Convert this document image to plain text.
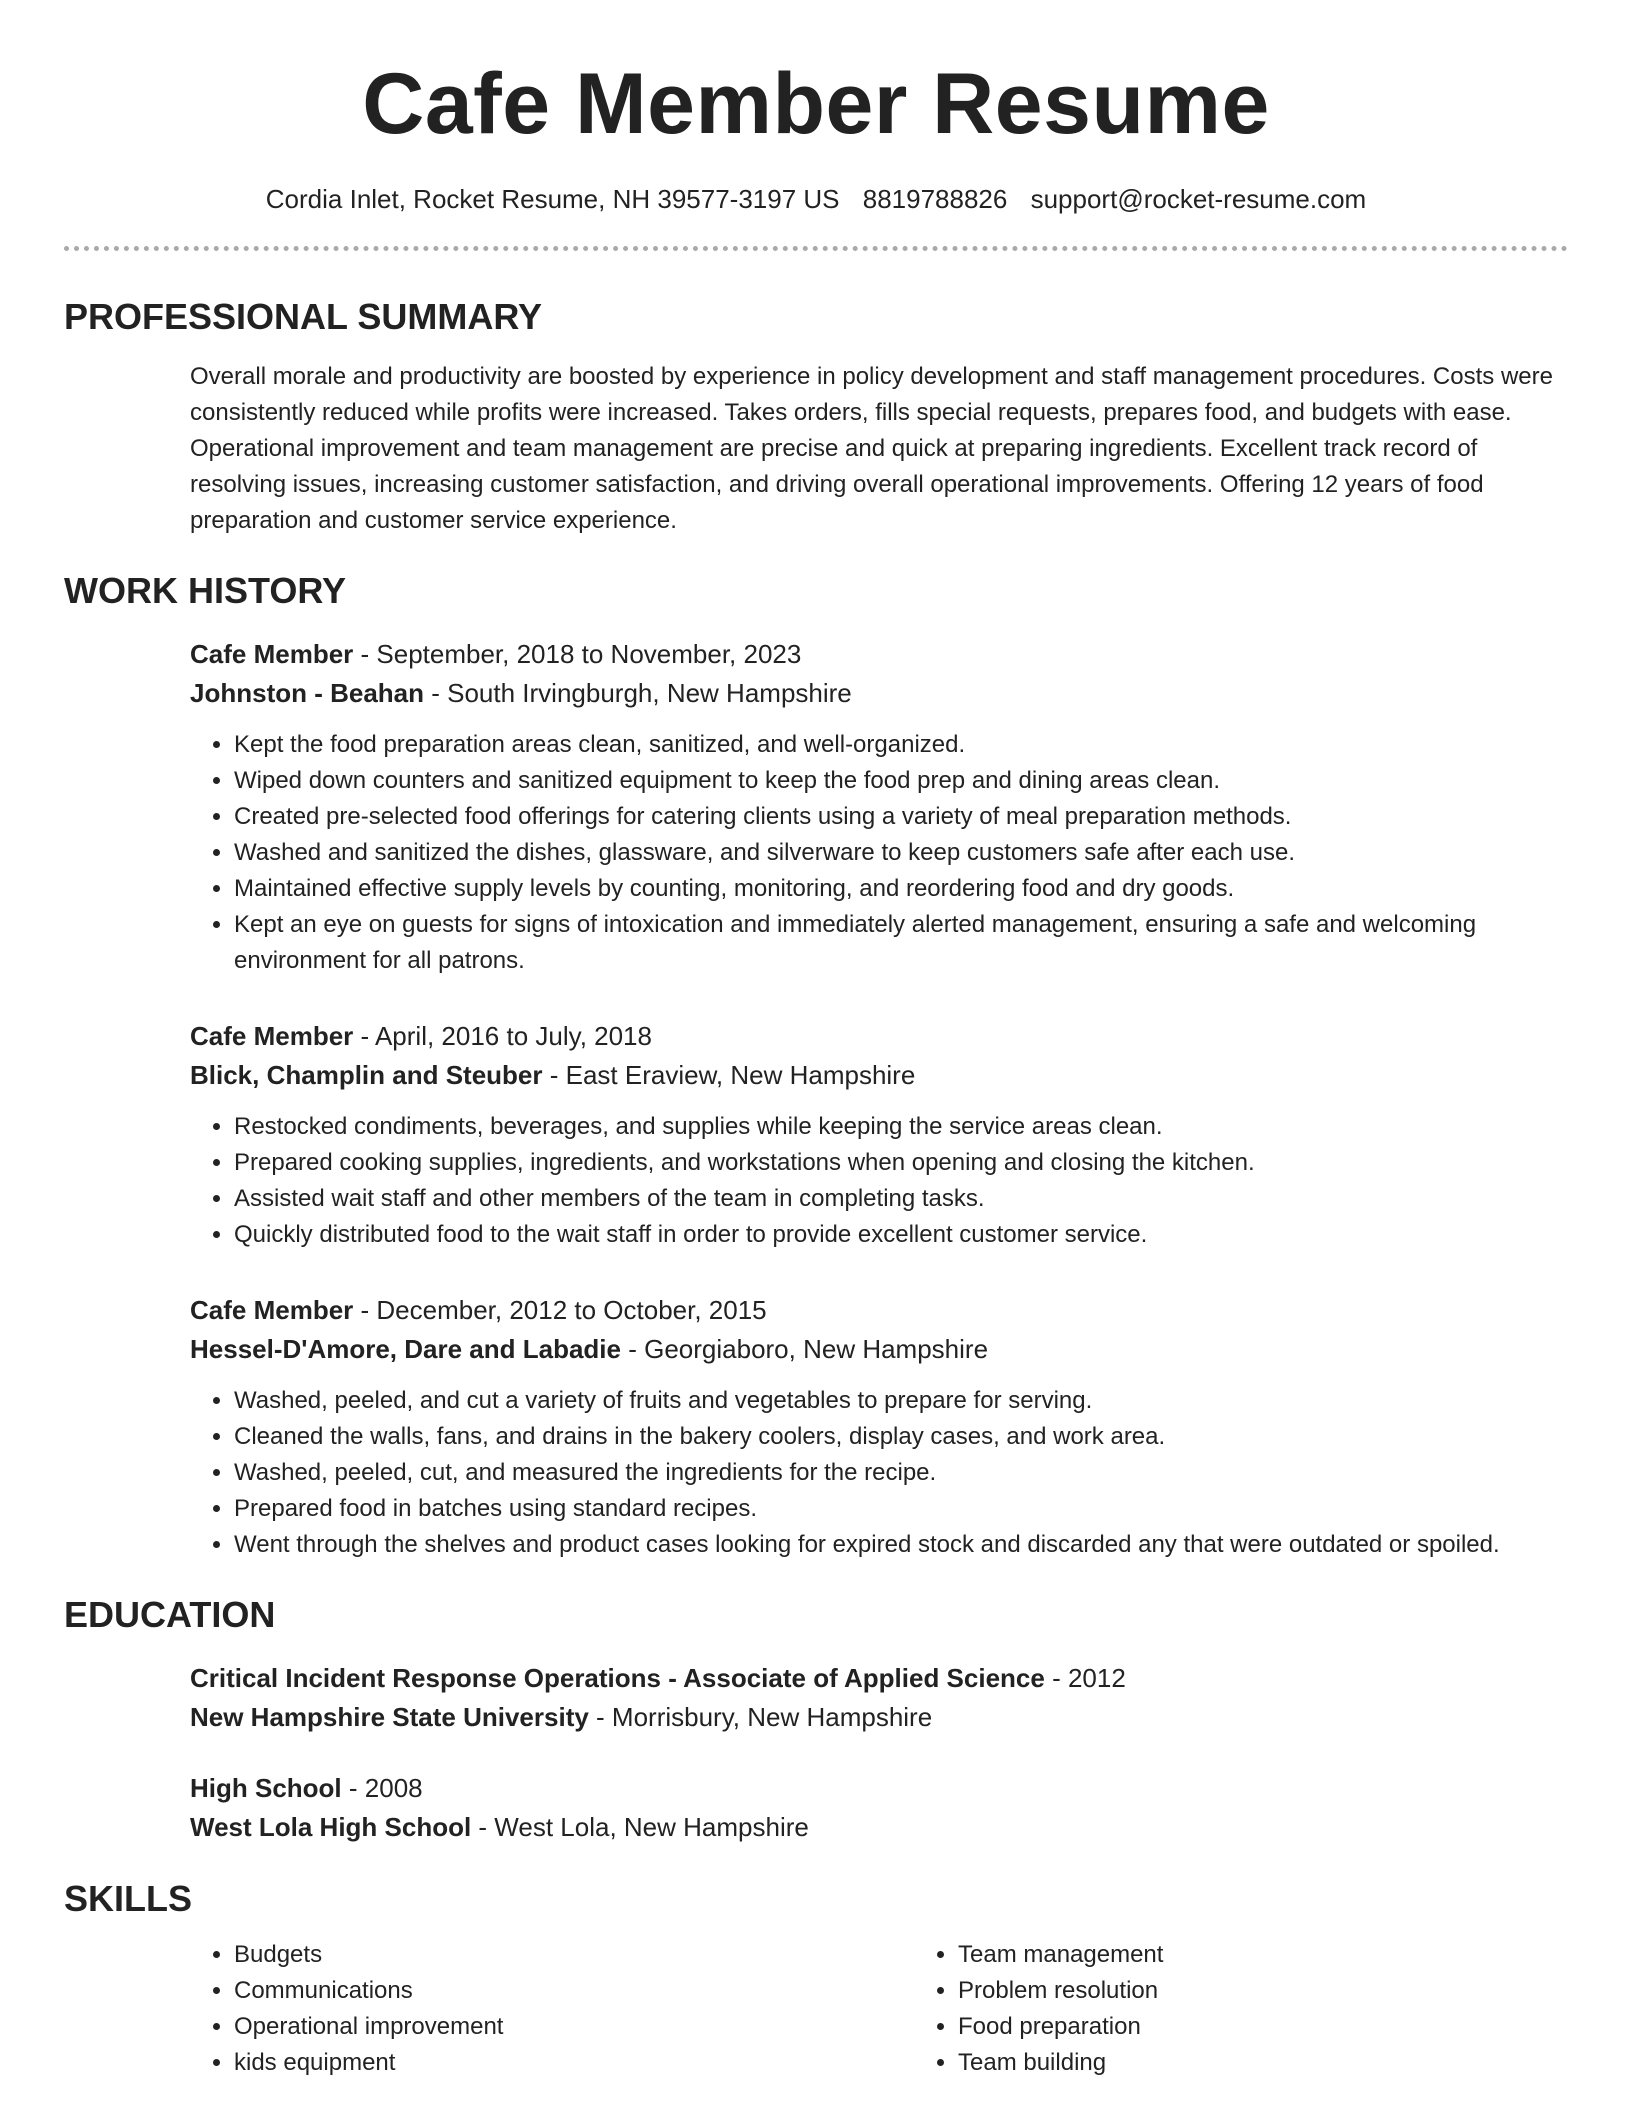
Cafe Member Resume
Cordia Inlet, Rocket Resume, NH 39577-3197 US 8819788826 support@rocket-resume.com
PROFESSIONAL SUMMARY
Overall morale and productivity are boosted by experience in policy development and staff management procedures. Costs were consistently reduced while profits were increased. Takes orders, fills special requests, prepares food, and budgets with ease. Operational improvement and team management are precise and quick at preparing ingredients. Excellent track record of resolving issues, increasing customer satisfaction, and driving overall operational improvements. Offering 12 years of food preparation and customer service experience.
WORK HISTORY
Cafe Member - September, 2018 to November, 2023
Johnston - Beahan - South Irvingburgh, New Hampshire
• Kept the food preparation areas clean, sanitized, and well-organized.
• Wiped down counters and sanitized equipment to keep the food prep and dining areas clean.
• Created pre-selected food offerings for catering clients using a variety of meal preparation methods.
• Washed and sanitized the dishes, glassware, and silverware to keep customers safe after each use.
• Maintained effective supply levels by counting, monitoring, and reordering food and dry goods.
• Kept an eye on guests for signs of intoxication and immediately alerted management, ensuring a safe and welcoming environment for all patrons.
Cafe Member - April, 2016 to July, 2018
Blick, Champlin and Steuber - East Eraview, New Hampshire
• Restocked condiments, beverages, and supplies while keeping the service areas clean.
• Prepared cooking supplies, ingredients, and workstations when opening and closing the kitchen.
• Assisted wait staff and other members of the team in completing tasks.
• Quickly distributed food to the wait staff in order to provide excellent customer service.
Cafe Member - December, 2012 to October, 2015
Hessel-D'Amore, Dare and Labadie - Georgiaboro, New Hampshire
• Washed, peeled, and cut a variety of fruits and vegetables to prepare for serving.
• Cleaned the walls, fans, and drains in the bakery coolers, display cases, and work area.
• Washed, peeled, cut, and measured the ingredients for the recipe.
• Prepared food in batches using standard recipes.
• Went through the shelves and product cases looking for expired stock and discarded any that were outdated or spoiled.
EDUCATION
Critical Incident Response Operations - Associate of Applied Science - 2012
New Hampshire State University - Morrisbury, New Hampshire
High School - 2008
West Lola High School - West Lola, New Hampshire
SKILLS
• Budgets
• Communications
• Operational improvement
• kids equipment
• Team management
• Problem resolution
• Food preparation
• Team building
